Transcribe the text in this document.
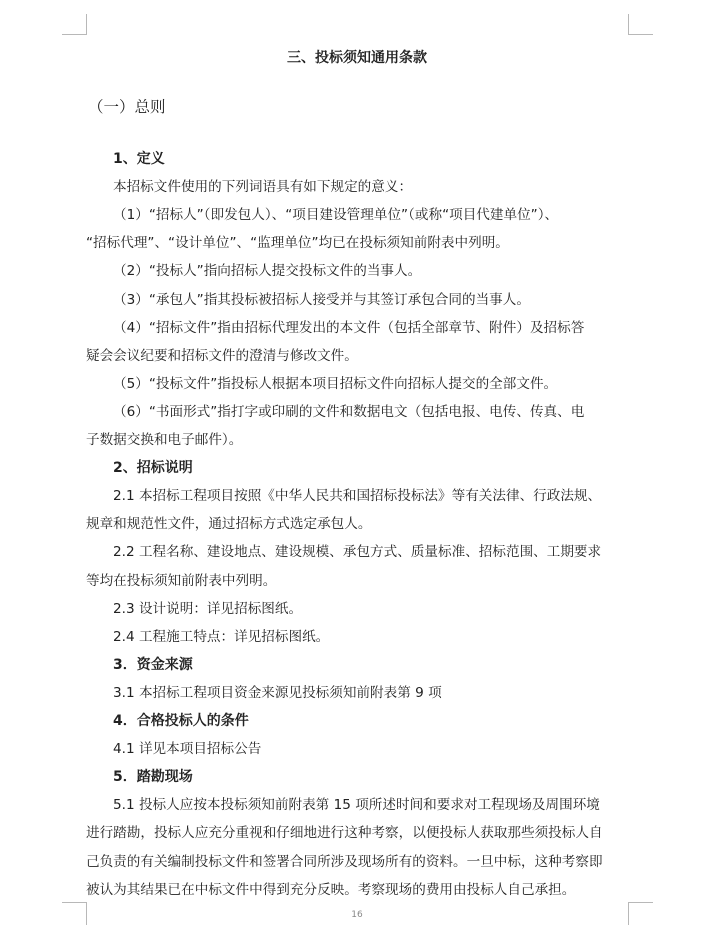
三、投标须知通用条款
（一）总则
1、定义
本招标文件使用的下列词语具有如下规定的意义：
（1）“招标人”（即发包人）、“项目建设管理单位”（或称“项目代建单位”）、
“招标代理”、“设计单位”、“监理单位”均已在投标须知前附表中列明。
（2）“投标人”指向招标人提交投标文件的当事人。
（3）“承包人”指其投标被招标人接受并与其签订承包合同的当事人。
（4）“招标文件”指由招标代理发出的本文件（包括全部章节、附件）及招标答
疑会会议纪要和招标文件的澄清与修改文件。
（5）“投标文件”指投标人根据本项目招标文件向招标人提交的全部文件。
（6）“书面形式”指打字或印刷的文件和数据电文（包括电报、电传、传真、电
子数据交换和电子邮件）。
2、招标说明
2.1 本招标工程项目按照《中华人民共和国招标投标法》等有关法律、行政法规、
规章和规范性文件，通过招标方式选定承包人。
2.2 工程名称、建设地点、建设规模、承包方式、质量标准、招标范围、工期要求
等均在投标须知前附表中列明。
2.3 设计说明：详见招标图纸。
2.4 工程施工特点：详见招标图纸。
3．资金来源
3.1 本招标工程项目资金来源见投标须知前附表第 9 项
4．合格投标人的条件
4.1 详见本项目招标公告
5．踏勘现场
5.1 投标人应按本投标须知前附表第 15 项所述时间和要求对工程现场及周围环境
进行踏勘，投标人应充分重视和仔细地进行这种考察，以便投标人获取那些须投标人自
己负责的有关编制投标文件和签署合同所涉及现场所有的资料。一旦中标，这种考察即
被认为其结果已在中标文件中得到充分反映。考察现场的费用由投标人自己承担。
16
